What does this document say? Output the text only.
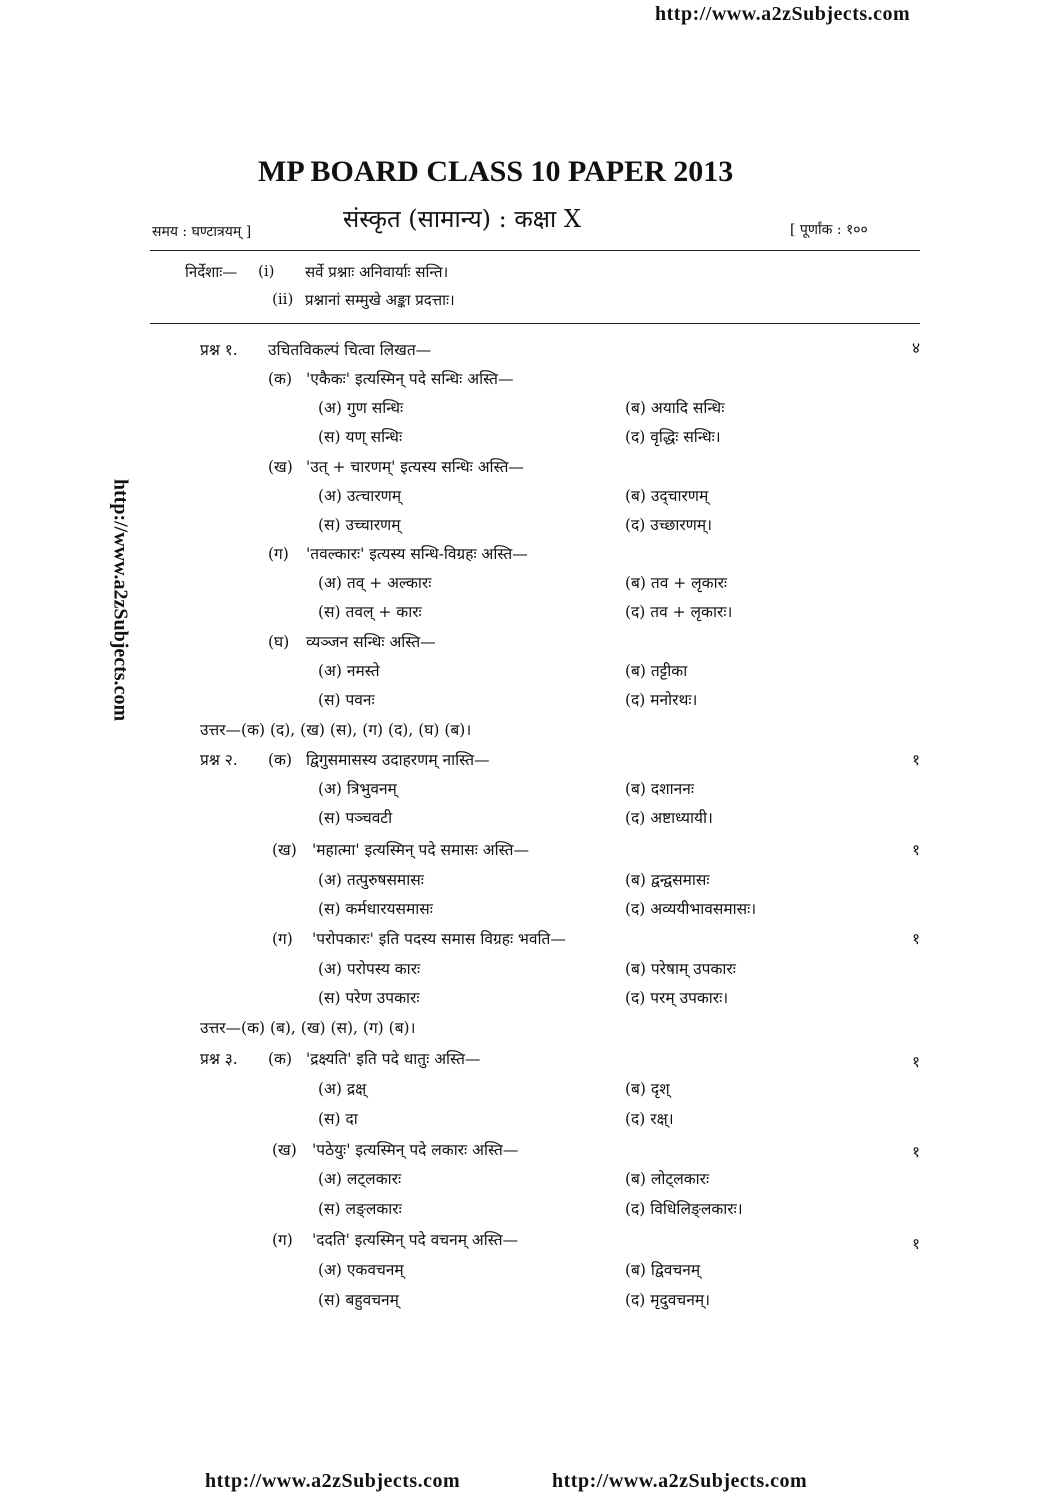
http://www.a2zSubjects.com
http://www.a2zSubjects.com
http://www.a2zSubjects.com	http://www.a2zSubjects.com
MP BOARD CLASS 10 PAPER 2013
संस्कृत (सामान्य) : कक्षा X
समय : घण्टात्रयम् ]	[ पूर्णांक : १००
निर्देशाः— (i) सर्वे प्रश्नाः अनिवार्याः सन्ति।
(ii) प्रश्नानां सम्मुखे अङ्का प्रदत्ताः।
प्रश्न १. उचितविकल्पं चित्वा लिखत—	४
(क) 'एकैकः' इत्यस्मिन् पदे सन्धिः अस्ति—
(अ) गुण सन्धिः	(ब) अयादि सन्धिः
(स) यण् सन्धिः	(द) वृद्धिः सन्धिः।
(ख) 'उत् + चारणम्' इत्यस्य सन्धिः अस्ति—
(अ) उत्चारणम्	(ब) उद्चारणम्
(स) उच्चारणम्	(द) उच्छारणम्।
(ग) 'तवल्कारः' इत्यस्य सन्धि-विग्रहः अस्ति—
(अ) तव् + अल्कारः	(ब) तव + लृकारः
(स) तवल् + कारः	(द) तव + लृकारः।
(घ) व्यञ्जन सन्धिः अस्ति—
(अ) नमस्ते	(ब) तट्टीका
(स) पवनः	(द) मनोरथः।
उत्तर—(क) (द), (ख) (स), (ग) (द), (घ) (ब)।
प्रश्न २. (क) द्विगुसमासस्य उदाहरणम् नास्ति—	१
(अ) त्रिभुवनम्	(ब) दशाननः
(स) पञ्चवटी	(द) अष्टाध्यायी।
(ख) 'महात्मा' इत्यस्मिन् पदे समासः अस्ति—	१
(अ) तत्पुरुषसमासः	(ब) द्वन्द्वसमासः
(स) कर्मधारयसमासः	(द) अव्ययीभावसमासः।
(ग) 'परोपकारः' इति पदस्य समास विग्रहः भवति—	१
(अ) परोपस्य कारः	(ब) परेषाम् उपकारः
(स) परेण उपकारः	(द) परम् उपकारः।
उत्तर—(क) (ब), (ख) (स), (ग) (ब)।
प्रश्न ३. (क) 'द्रक्ष्यति' इति पदे धातुः अस्ति—	१
(अ) द्रक्ष्	(ब) दृश्
(स) दा	(द) रक्ष्।
(ख) 'पठेयुः' इत्यस्मिन् पदे लकारः अस्ति—	१
(अ) लट्लकारः	(ब) लोट्लकारः
(स) लङ्लकारः	(द) विधिलिङ्लकारः।
(ग) 'ददति' इत्यस्मिन् पदे वचनम् अस्ति—	१
(अ) एकवचनम्	(ब) द्विवचनम्
(स) बहुवचनम्	(द) मृदुवचनम्।
